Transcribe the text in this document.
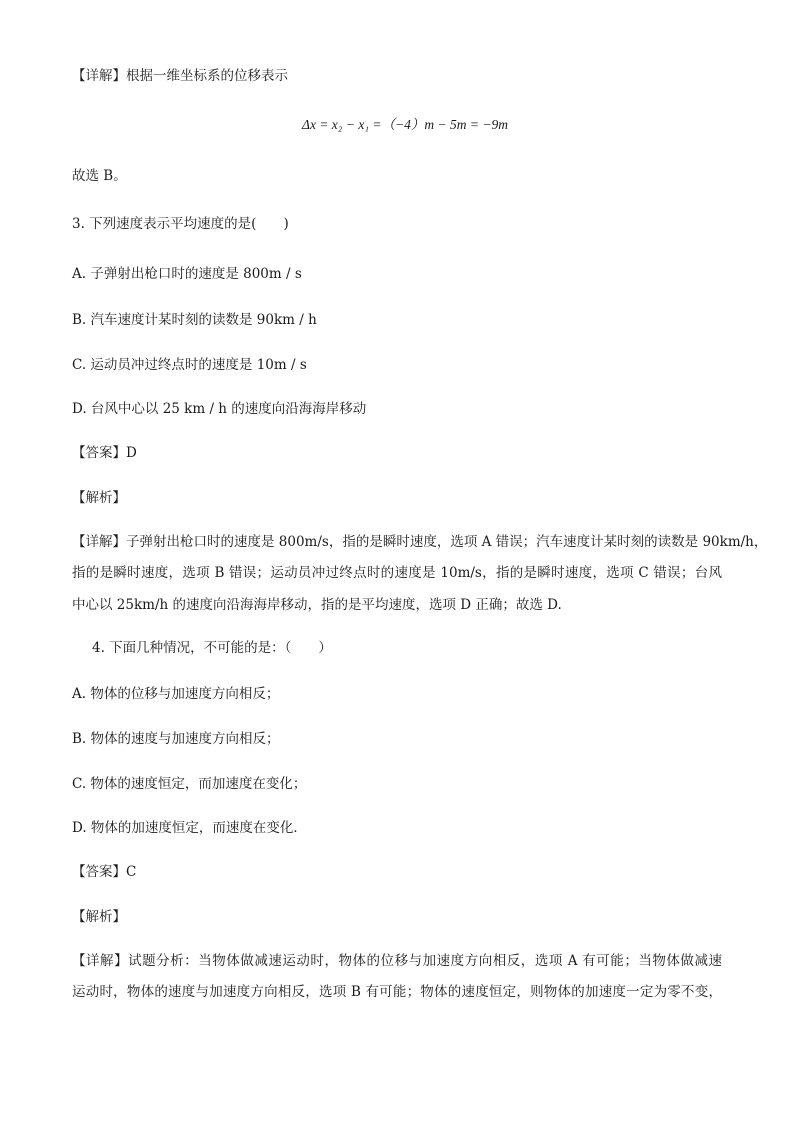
【详解】根据一维坐标系的位移表示
Δx = x₂ − x₁ =（−4）m − 5m = −9m
故选 B。
3. 下列速度表示平均速度的是(　　)
A. 子弹射出枪口时的速度是 800m / s
B. 汽车速度计某时刻的读数是 90km / h
C. 运动员冲过终点时的速度是 10m / s
D. 台风中心以 25 km / h 的速度向沿海海岸移动
【答案】D
【解析】
【详解】子弹射出枪口时的速度是 800m/s，指的是瞬时速度，选项 A 错误；汽车速度计某时刻的读数是 90km/h，
指的是瞬时速度，选项 B 错误；运动员冲过终点时的速度是 10m/s，指的是瞬时速度，选项 C 错误；台风
中心以 25km/h 的速度向沿海海岸移动，指的是平均速度，选项 D 正确；故选 D.
4. 下面几种情况，不可能的是：（　　）
A. 物体的位移与加速度方向相反；
B. 物体的速度与加速度方向相反；
C. 物体的速度恒定，而加速度在变化；
D. 物体的加速度恒定，而速度在变化．
【答案】C
【解析】
【详解】试题分析：当物体做减速运动时，物体的位移与加速度方向相反，选项 A 有可能；当物体做减速
运动时，物体的速度与加速度方向相反，选项 B 有可能；物体的速度恒定，则物体的加速度一定为零不变，
